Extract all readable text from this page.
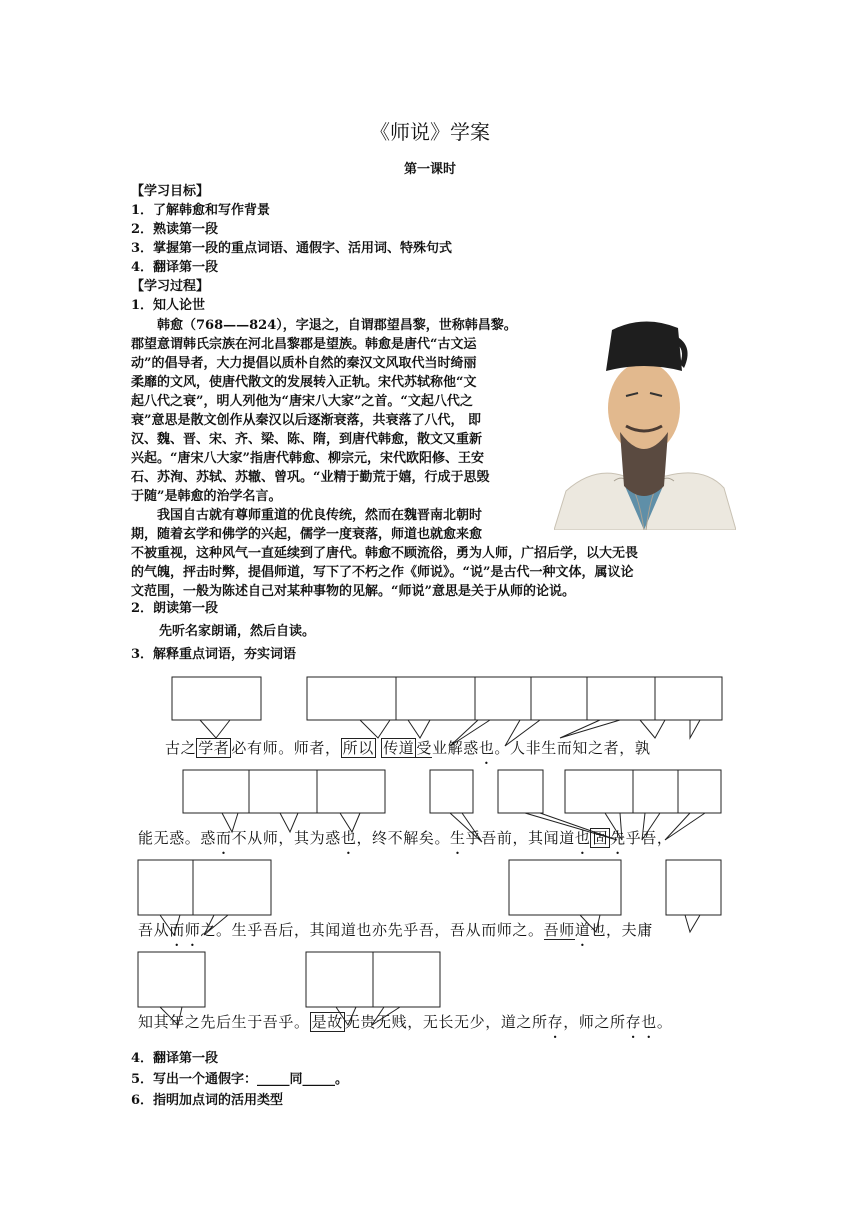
《师说》学案
第一课时
【学习目标】
1．了解韩愈和写作背景
2．熟读第一段
3．掌握第一段的重点词语、通假字、活用词、特殊句式
4．翻译第一段
【学习过程】
1．知人论世

韩愈（768——824），字退之，自谓郡望昌黎，世称韩昌黎。

郡望意谓韩氏宗族在河北昌黎郡是望族。韩愈是唐代“古文运

动”的倡导者，大力提倡以质朴自然的秦汉文风取代当时绮丽

柔靡的文风，使唐代散文的发展转入正轨。宋代苏轼称他“文

起八代之衰”，明人列他为“唐宋八大家”之首。“文起八代之

衰”意思是散文创作从秦汉以后逐渐衰落，共衰落了八代， 即

汉、魏、晋、宋、齐、梁、陈、隋，到唐代韩愈，散文又重新

兴起。“唐宋八大家”指唐代韩愈、柳宗元，宋代欧阳修、王安

石、苏洵、苏轼、苏辙、曾巩。“业精于勤荒于嬉，行成于思毁

于随”是韩愈的治学名言。

我国自古就有尊师重道的优良传统，然而在魏晋南北朝时

期，随着玄学和佛学的兴起，儒学一度衰落，师道也就愈来愈

不被重视，这种风气一直延续到了唐代。韩愈不顾流俗，勇为人师，广招后学，以大无畏

的气魄，抨击时弊，提倡师道，写下了不朽之作《师说》。“说”是古代一种文体，属议论

文范围，一般为陈述自己对某种事物的见解。“师说”意思是关于从师的论说。

2．朗读第一段
先听名家朗诵，然后自读。
3．解释重点词语，夯实词语
古之 学者 必有师。师者， 所以 传道 受业解惑也。人非生而知之者，孰
能无惑。惑而不从师，其为惑也，终不解矣。生乎吾前，其闻道也 固 先乎吾，
吾从而师之。生乎吾后，其闻道也亦先乎吾，吾从而师之。吾师道也，夫庸
知其年之先后生于吾乎。 是故 无贵无贱，无长无少，道之所存，师之所存也。
4．翻译第一段
5．写出一个通假字：_____同_____。
6．指明加点词的活用类型
